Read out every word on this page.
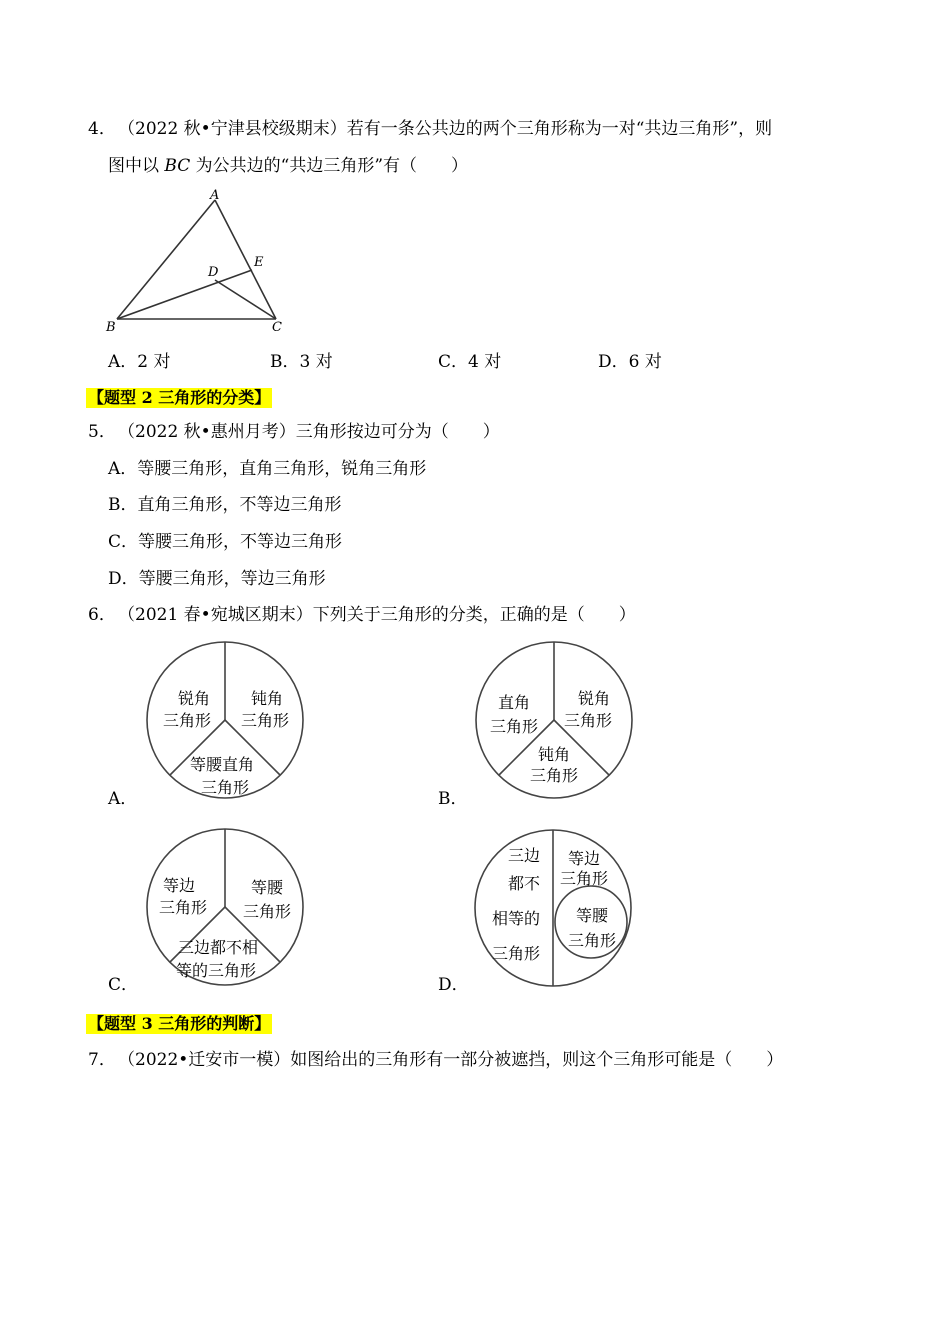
4． （2022 秋•宁津县校级期末）若有一条公共边的两个三角形称为一对“共边三角形”，则
图中以 BC 为公共边的“共边三角形”有（　　）
A
B	C
D
E
A．2 对	B．3 对	C．4 对	D．6 对
【题型 2 三角形的分类】
5． （2022 秋•惠州月考）三角形按边可分为（　　）
A．等腰三角形，直角三角形，锐角三角形
B．直角三角形，不等边三角形
C．等腰三角形，不等边三角形
D．等腰三角形，等边三角形
6． （2021 春•宛城区期末）下列关于三角形的分类，正确的是（　　）
A．
锐角
三角形
钝角
三角形
等腰直角
三角形
B．
直角
三角形
锐角
三角形
钝角
三角形
C．
等边
三角形
等腰
三角形
三边都不相
等的三角形
D．
三边
都不
相等的
三角形
等边
三角形
等腰
三角形
【题型 3 三角形的判断】
7． （2022•迁安市一模）如图给出的三角形有一部分被遮挡，则这个三角形可能是（　　）
